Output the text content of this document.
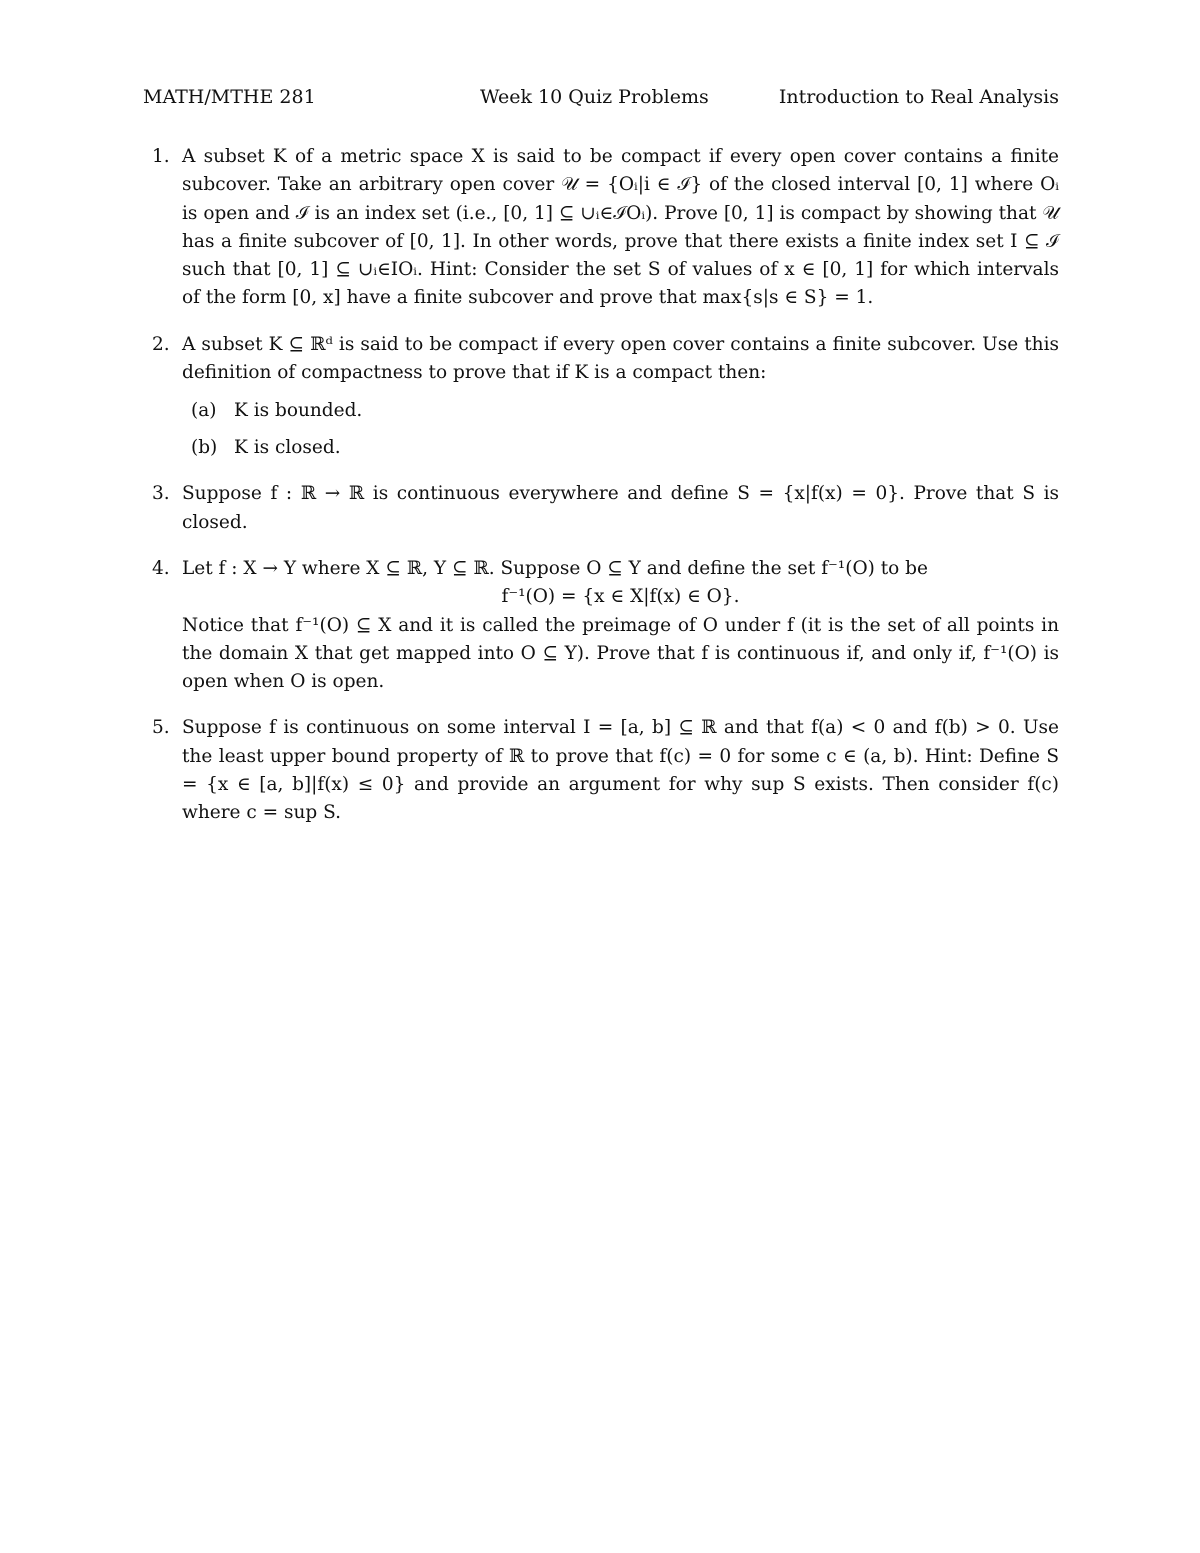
MATH/MTHE 281	Week 10 Quiz Problems	Introduction to Real Analysis
1. A subset K of a metric space X is said to be compact if every open cover contains a finite subcover. Take an arbitrary open cover 𝒰 = {Oᵢ|i ∈ ℐ} of the closed interval [0, 1] where Oᵢ is open and ℐ is an index set (i.e., [0, 1] ⊆ ∪ᵢ∈ℐOᵢ). Prove [0, 1] is compact by showing that 𝒰 has a finite subcover of [0, 1]. In other words, prove that there exists a finite index set I ⊆ ℐ such that [0, 1] ⊆ ∪ᵢ∈IOᵢ. Hint: Consider the set S of values of x ∈ [0, 1] for which intervals of the form [0, x] have a finite subcover and prove that max{s|s ∈ S} = 1.

2. A subset K ⊆ ℝᵈ is said to be compact if every open cover contains a finite subcover. Use this definition of compactness to prove that if K is a compact then:

(a) K is bounded.
(b) K is closed.
3. Suppose f : ℝ → ℝ is continuous everywhere and define S = {x|f(x) = 0}. Prove that S is closed.

4. Let f : X → Y where X ⊆ ℝ, Y ⊆ ℝ. Suppose O ⊆ Y and define the set f⁻¹(O) to be

f⁻¹(O) = {x ∈ X|f(x) ∈ O}.

Notice that f⁻¹(O) ⊆ X and it is called the preimage of O under f (it is the set of all points in the domain X that get mapped into O ⊆ Y). Prove that f is continuous if, and only if, f⁻¹(O) is open when O is open.

5. Suppose f is continuous on some interval I = [a, b] ⊆ ℝ and that f(a) < 0 and f(b) > 0. Use the least upper bound property of ℝ to prove that f(c) = 0 for some c ∈ (a, b). Hint: Define S = {x ∈ [a, b]|f(x) ≤ 0} and provide an argument for why sup S exists. Then consider f(c) where c = sup S.
